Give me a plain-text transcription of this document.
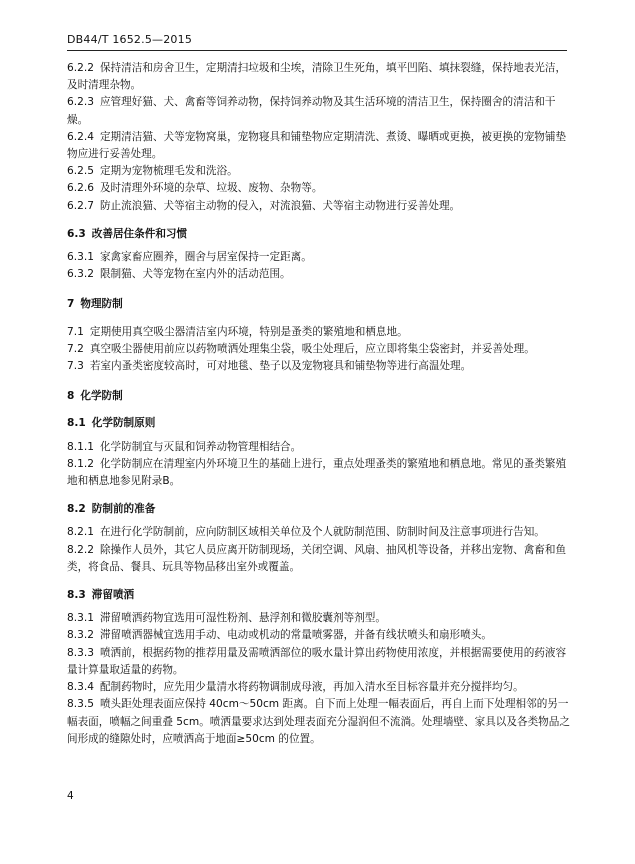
DB44/T 1652.5—2015

6.2.2 保持清洁和房舍卫生，定期清扫垃圾和尘埃，清除卫生死角，填平凹陷、填抹裂缝，保持地表光洁，及时清理杂物。

6.2.3 应管理好猫、犬、禽畜等饲养动物，保持饲养动物及其生活环境的清洁卫生，保持圈舍的清洁和干燥。

6.2.4 定期清洁猫、犬等宠物窝巢，宠物寝具和铺垫物应定期清洗、煮烫、曝晒或更换，被更换的宠物铺垫物应进行妥善处理。

6.2.5 定期为宠物梳理毛发和洗浴。

6.2.6 及时清理外环境的杂草、垃圾、废物、杂物等。

6.2.7 防止流浪猫、犬等宿主动物的侵入，对流浪猫、犬等宿主动物进行妥善处理。

6.3 改善居住条件和习惯

6.3.1 家禽家畜应圈养，圈舍与居室保持一定距离。

6.3.2 限制猫、犬等宠物在室内外的活动范围。

7 物理防制

7.1 定期使用真空吸尘器清洁室内环境，特别是蚤类的繁殖地和栖息地。

7.2 真空吸尘器使用前应以药物喷洒处理集尘袋，吸尘处理后，应立即将集尘袋密封，并妥善处理。

7.3 若室内蚤类密度较高时，可对地毯、垫子以及宠物寝具和铺垫物等进行高温处理。

8 化学防制

8.1 化学防制原则

8.1.1 化学防制宜与灭鼠和饲养动物管理相结合。

8.1.2 化学防制应在清理室内外环境卫生的基础上进行，重点处理蚤类的繁殖地和栖息地。常见的蚤类繁殖地和栖息地参见附录B。

8.2 防制前的准备

8.2.1 在进行化学防制前，应向防制区域相关单位及个人就防制范围、防制时间及注意事项进行告知。

8.2.2 除操作人员外，其它人员应离开防制现场，关闭空调、风扇、抽风机等设备，并移出宠物、禽畜和鱼类，将食品、餐具、玩具等物品移出室外或覆盖。

8.3 滞留喷洒

8.3.1 滞留喷洒药物宜选用可湿性粉剂、悬浮剂和微胶囊剂等剂型。

8.3.2 滞留喷洒器械宜选用手动、电动或机动的常量喷雾器，并备有线状喷头和扇形喷头。

8.3.3 喷洒前，根据药物的推荐用量及需喷洒部位的吸水量计算出药物使用浓度，并根据需要使用的药液容量计算量取适量的药物。

8.3.4 配制药物时，应先用少量清水将药物调制成母液，再加入清水至目标容量并充分搅拌均匀。

8.3.5 喷头距处理表面应保持 40cm～50cm 距离。自下而上处理一幅表面后，再自上而下处理相邻的另一幅表面，喷幅之间重叠 5cm。喷洒量要求达到处理表面充分湿润但不流淌。处理墙壁、家具以及各类物品之间形成的缝隙处时，应喷洒高于地面≥50cm 的位置。

4
